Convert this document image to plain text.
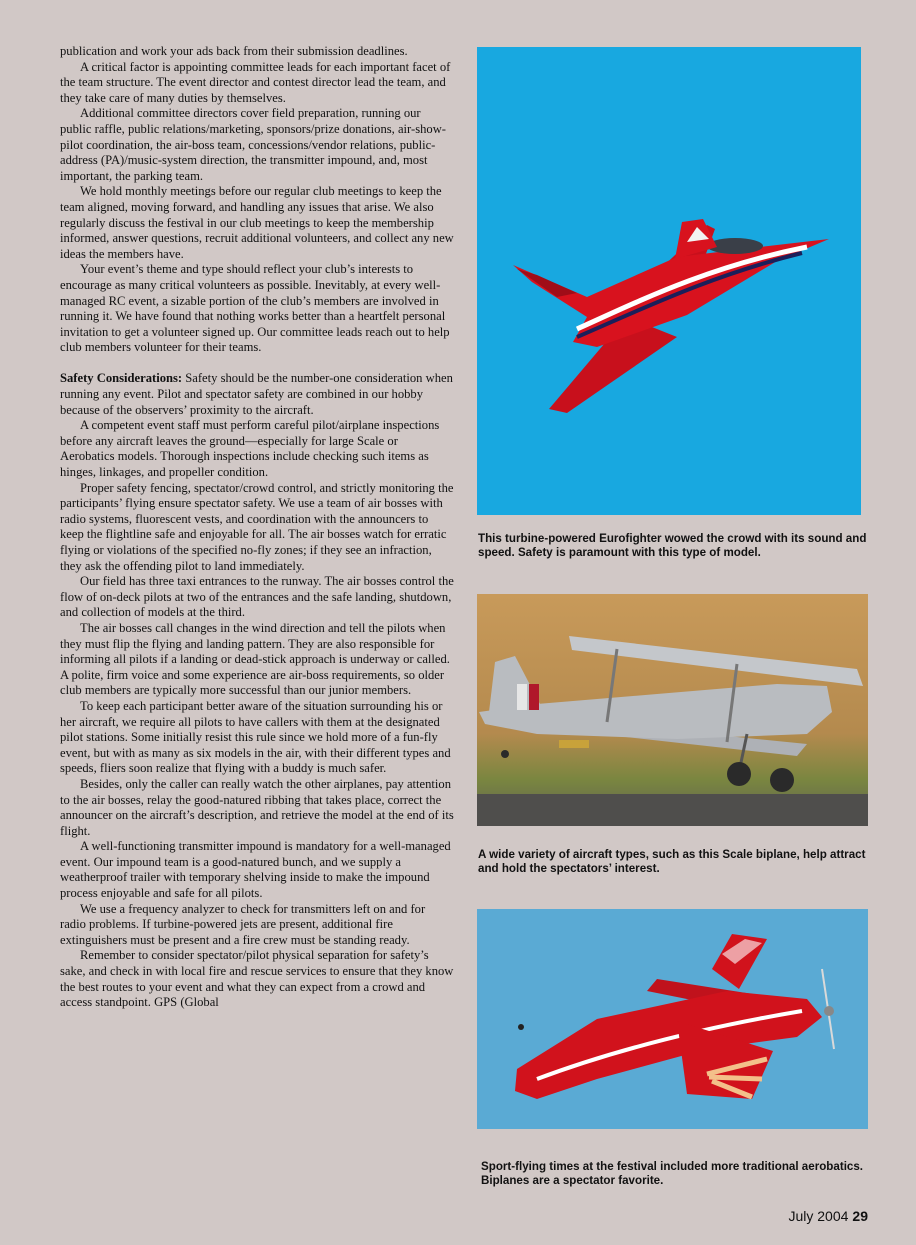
publication and work your ads back from their submission deadlines.

A critical factor is appointing committee leads for each important facet of the team structure. The event director and contest director lead the team, and they take care of many duties by themselves.

Additional committee directors cover field preparation, running our public raffle, public relations/marketing, sponsors/prize donations, air-show-pilot coordination, the air-boss team, concessions/vendor relations, public-address (PA)/music-system direction, the transmitter impound, and, most important, the parking team.

We hold monthly meetings before our regular club meetings to keep the team aligned, moving forward, and handling any issues that arise. We also regularly discuss the festival in our club meetings to keep the membership informed, answer questions, recruit additional volunteers, and collect any new ideas the members have.

Your event’s theme and type should reflect your club’s interests to encourage as many critical volunteers as possible. Inevitably, at every well-managed RC event, a sizable portion of the club’s members are involved in running it. We have found that nothing works better than a heartfelt personal invitation to get a volunteer signed up. Our committee leads reach out to help club members volunteer for their teams.

Safety Considerations: Safety should be the number-one consideration when running any event. Pilot and spectator safety are combined in our hobby because of the observers’ proximity to the aircraft.

A competent event staff must perform careful pilot/airplane inspections before any aircraft leaves the ground—especially for large Scale or Aerobatics models. Thorough inspections include checking such items as hinges, linkages, and propeller condition.

Proper safety fencing, spectator/crowd control, and strictly monitoring the participants’ flying ensure spectator safety. We use a team of air bosses with radio systems, fluorescent vests, and coordination with the announcers to keep the flightline safe and enjoyable for all. The air bosses watch for erratic flying or violations of the specified no-fly zones; if they see an infraction, they ask the offending pilot to land immediately.

Our field has three taxi entrances to the runway. The air bosses control the flow of on-deck pilots at two of the entrances and the safe landing, shutdown, and collection of models at the third.

The air bosses call changes in the wind direction and tell the pilots when they must flip the flying and landing pattern. They are also responsible for informing all pilots if a landing or dead-stick approach is underway or called. A polite, firm voice and some experience are air-boss requirements, so older club members are typically more successful than our junior members.

To keep each participant better aware of the situation surrounding his or her aircraft, we require all pilots to have callers with them at the designated pilot stations. Some initially resist this rule since we hold more of a fun-fly event, but with as many as six models in the air, with their different types and speeds, fliers soon realize that flying with a buddy is much safer.

Besides, only the caller can really watch the other airplanes, pay attention to the air bosses, relay the good-natured ribbing that takes place, correct the announcer on the aircraft’s description, and retrieve the model at the end of its flight.

A well-functioning transmitter impound is mandatory for a well-managed event. Our impound team is a good-natured bunch, and we supply a weatherproof trailer with temporary shelving inside to make the impound process enjoyable and safe for all pilots.

We use a frequency analyzer to check for transmitters left on and for radio problems. If turbine-powered jets are present, additional fire extinguishers must be present and a fire crew must be standing ready.

Remember to consider spectator/pilot physical separation for safety’s sake, and check in with local fire and rescue services to ensure that they know the best routes to your event and what they can expect from a crowd and access standpoint. GPS (Global

This turbine-powered Eurofighter wowed the crowd with its sound and speed. Safety is paramount with this type of model.
A wide variety of aircraft types, such as this Scale biplane, help attract and hold the spectators’ interest.
Sport-flying times at the festival included more traditional aerobatics. Biplanes are a spectator favorite.
July 2004 29
